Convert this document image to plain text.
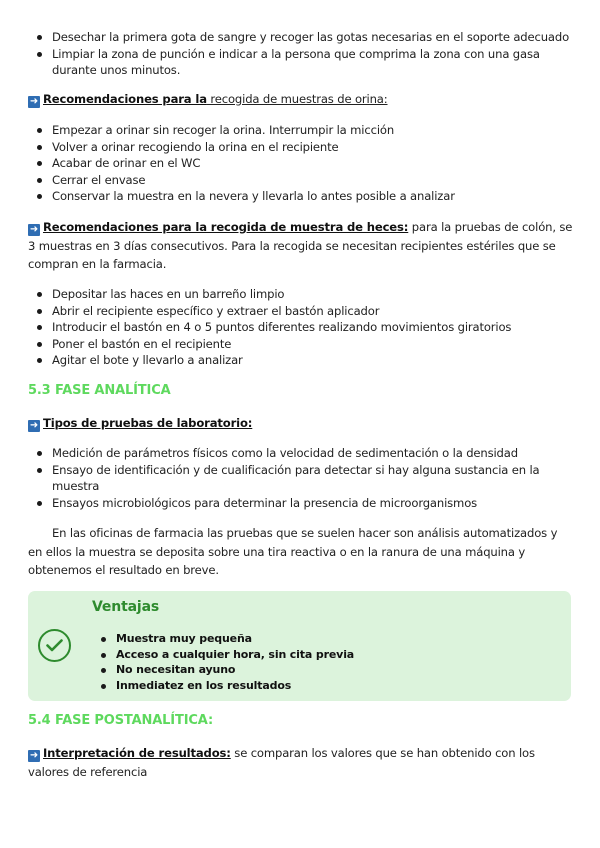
Desechar la primera gota de sangre y recoger las gotas necesarias en el soporte adecuado
Limpiar la zona de punción e indicar a la persona que comprima la zona con una gasa durante unos minutos.
➜ Recomendaciones para la recogida de muestras de orina:
Empezar a orinar sin recoger la orina. Interrumpir la micción
Volver a orinar recogiendo la orina en el recipiente
Acabar de orinar en el WC
Cerrar el envase
Conservar la muestra en la nevera y llevarla lo antes posible a analizar
➜ Recomendaciones para la recogida de muestra de heces: para la pruebas de colón, se 3 muestras en 3 días consecutivos. Para la recogida se necesitan recipientes estériles que se compran en la farmacia.
Depositar las haces en un barreño limpio
Abrir el recipiente específico y extraer el bastón aplicador
Introducir el bastón en 4 o 5 puntos diferentes realizando movimientos giratorios
Poner el bastón en el recipiente
Agitar el bote y llevarlo a analizar
5.3 FASE ANALÍTICA
➜ Tipos de pruebas de laboratorio:
Medición de parámetros físicos como la velocidad de sedimentación o la densidad
Ensayo de identificación y de cualificación para detectar si hay alguna sustancia en la muestra
Ensayos microbiológicos para determinar la presencia de microorganismos
En las oficinas de farmacia las pruebas que se suelen hacer son análisis automatizados y en ellos la muestra se deposita sobre una tira reactiva o en la ranura de una máquina y obtenemos el resultado en breve.
Ventajas
Muestra muy pequeña
Acceso a cualquier hora, sin cita previa
No necesitan ayuno
Inmediatez en los resultados
5.4 FASE POSTANALÍTICA:
➜ Interpretación de resultados: se comparan los valores que se han obtenido con los valores de referencia
